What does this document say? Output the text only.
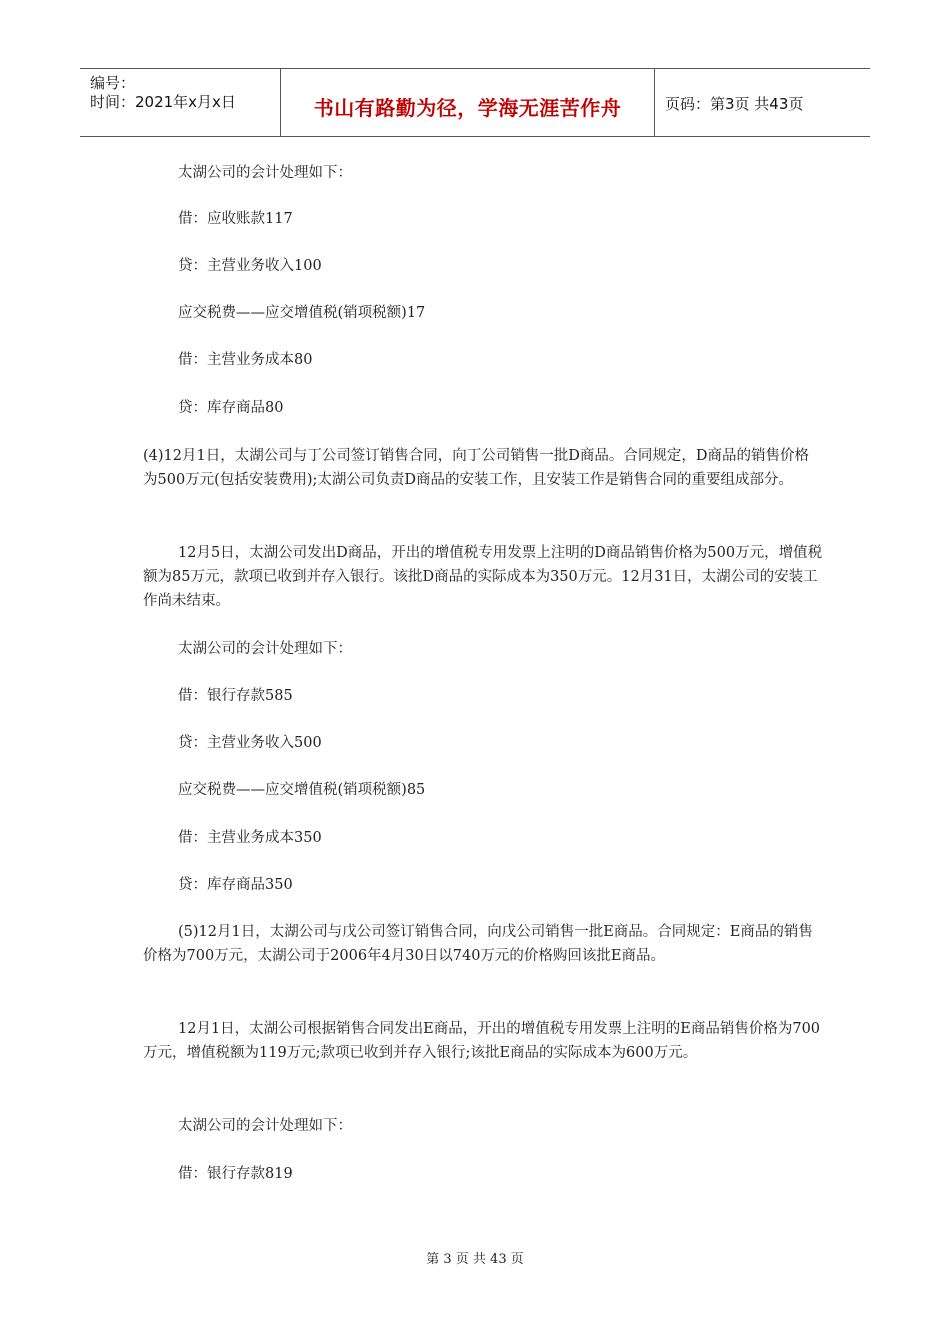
编号：
时间：2021年x月x日	书山有路勤为径，学海无涯苦作舟	页码：第3页 共43页
太湖公司的会计处理如下：
借：应收账款117
贷：主营业务收入100
应交税费——应交增值税(销项税额)17
借：主营业务成本80
贷：库存商品80
(4)12月1日，太湖公司与丁公司签订销售合同，向丁公司销售一批D商品。合同规定，D商品的销售价格为500万元(包括安装费用);太湖公司负责D商品的安装工作，且安装工作是销售合同的重要组成部分。
12月5日，太湖公司发出D商品，开出的增值税专用发票上注明的D商品销售价格为500万元，增值税额为85万元，款项已收到并存入银行。该批D商品的实际成本为350万元。12月31日，太湖公司的安装工作尚未结束。
太湖公司的会计处理如下：
借：银行存款585
贷：主营业务收入500
应交税费——应交增值税(销项税额)85
借：主营业务成本350
贷：库存商品350
(5)12月1日，太湖公司与戊公司签订销售合同，向戊公司销售一批E商品。合同规定：E商品的销售价格为700万元，太湖公司于2006年4月30日以740万元的价格购回该批E商品。
12月1日，太湖公司根据销售合同发出E商品，开出的增值税专用发票上注明的E商品销售价格为700万元，增值税额为119万元;款项已收到并存入银行;该批E商品的实际成本为600万元。
太湖公司的会计处理如下：
借：银行存款819
第 3 页 共 43 页
